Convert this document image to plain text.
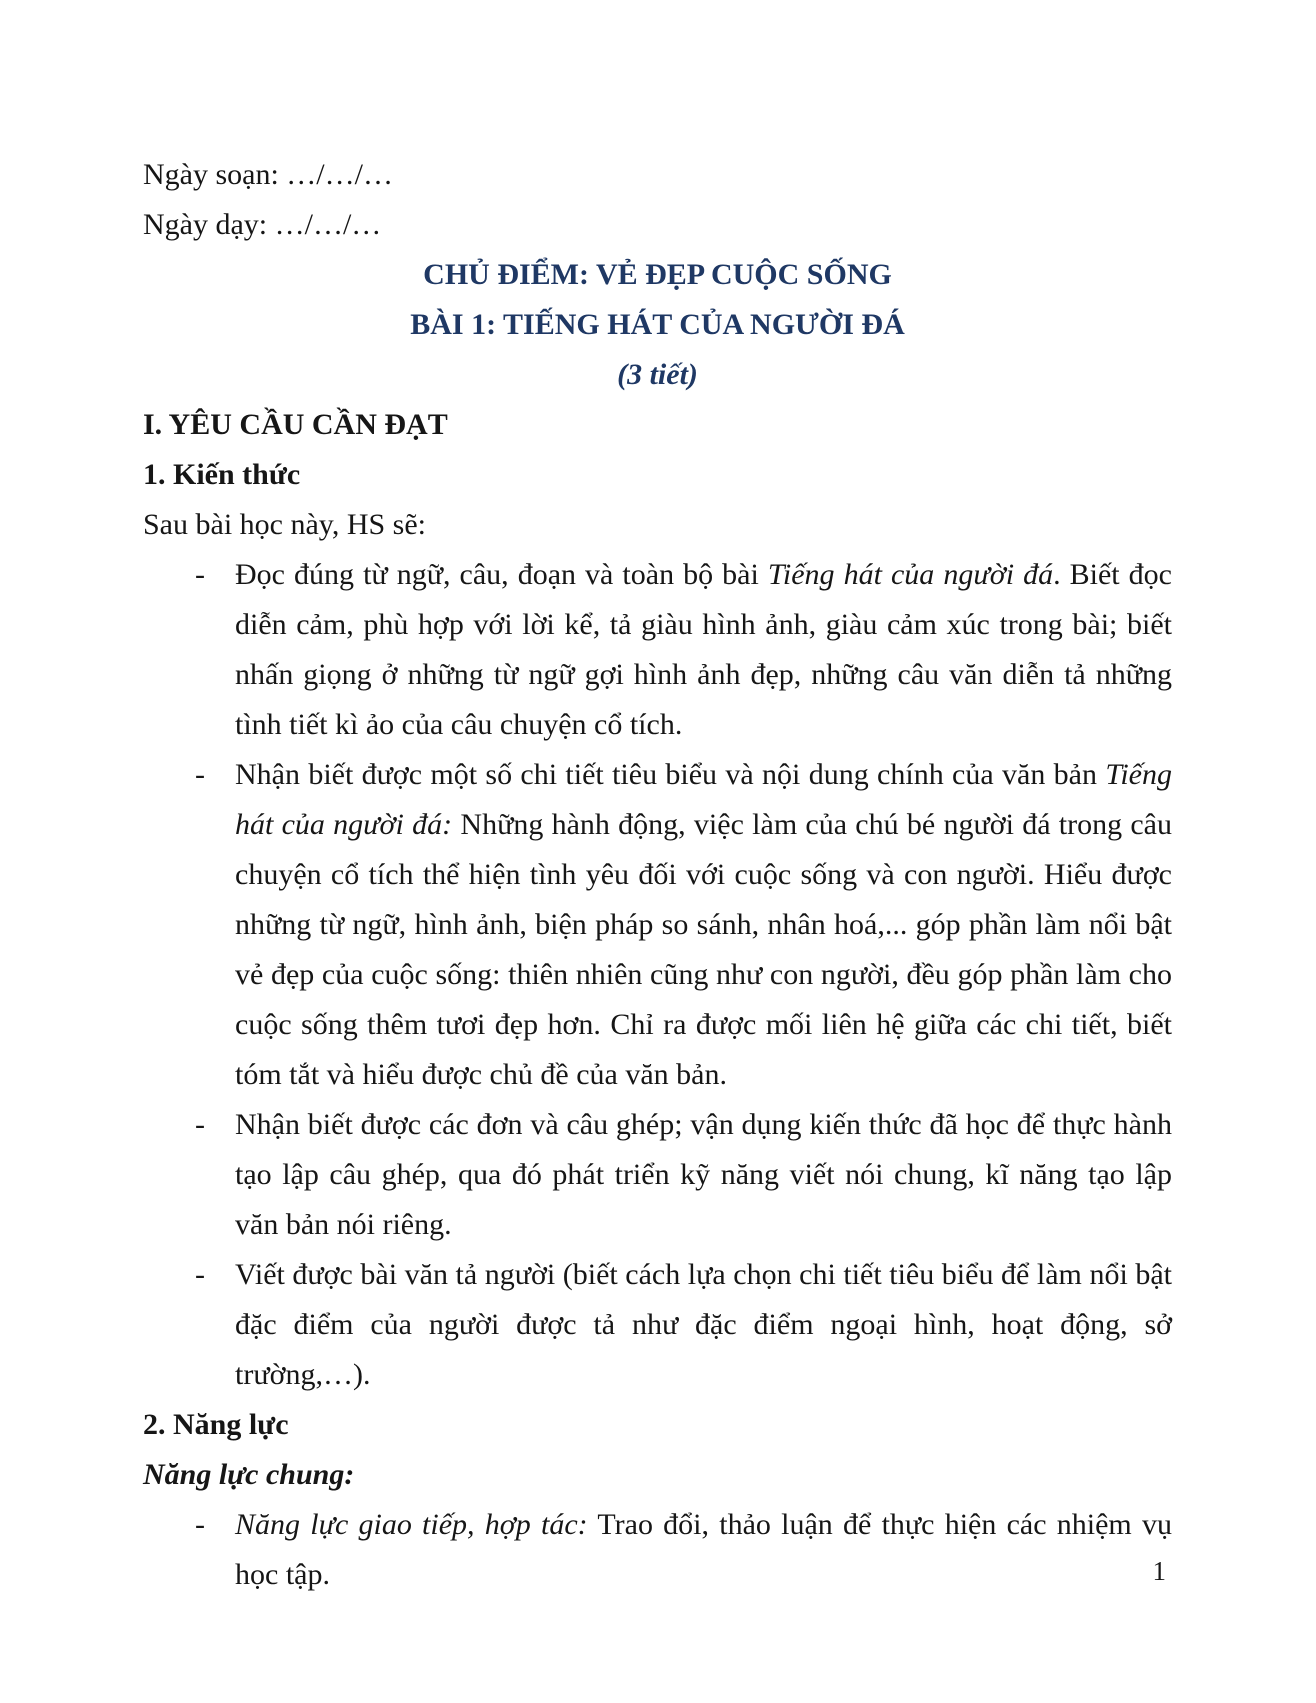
Ngày soạn: …/…/…

Ngày dạy: …/…/…

CHỦ ĐIỂM: VẺ ĐẸP CUỘC SỐNG
BÀI 1: TIẾNG HÁT CỦA NGƯỜI ĐÁ

(3 tiết)

I. YÊU CẦU CẦN ĐẠT
1. Kiến thức

Sau bài học này, HS sẽ:

- Đọc đúng từ ngữ, câu, đoạn và toàn bộ bài Tiếng hát của người đá. Biết đọc diễn cảm, phù hợp với lời kể, tả giàu hình ảnh, giàu cảm xúc trong bài; biết nhấn giọng ở những từ ngữ gợi hình ảnh đẹp, những câu văn diễn tả những tình tiết kì ảo của câu chuyện cổ tích.
- Nhận biết được một số chi tiết tiêu biểu và nội dung chính của văn bản Tiếng hát của người đá: Những hành động, việc làm của chú bé người đá trong câu chuyện cổ tích thể hiện tình yêu đối với cuộc sống và con người. Hiểu được những từ ngữ, hình ảnh, biện pháp so sánh, nhân hoá,... góp phần làm nổi bật vẻ đẹp của cuộc sống: thiên nhiên cũng như con người, đều góp phần làm cho cuộc sống thêm tươi đẹp hơn. Chỉ ra được mối liên hệ giữa các chi tiết, biết tóm tắt và hiểu được chủ đề của văn bản.
- Nhận biết được các đơn và câu ghép; vận dụng kiến thức đã học để thực hành tạo lập câu ghép, qua đó phát triển kỹ năng viết nói chung, kĩ năng tạo lập văn bản nói riêng.
- Viết được bài văn tả người (biết cách lựa chọn chi tiết tiêu biểu để làm nổi bật đặc điểm của người được tả như đặc điểm ngoại hình, hoạt động, sở trường,…).
2. Năng lực

Năng lực chung:

- Năng lực giao tiếp, hợp tác: Trao đổi, thảo luận để thực hiện các nhiệm vụ học tập.	1
